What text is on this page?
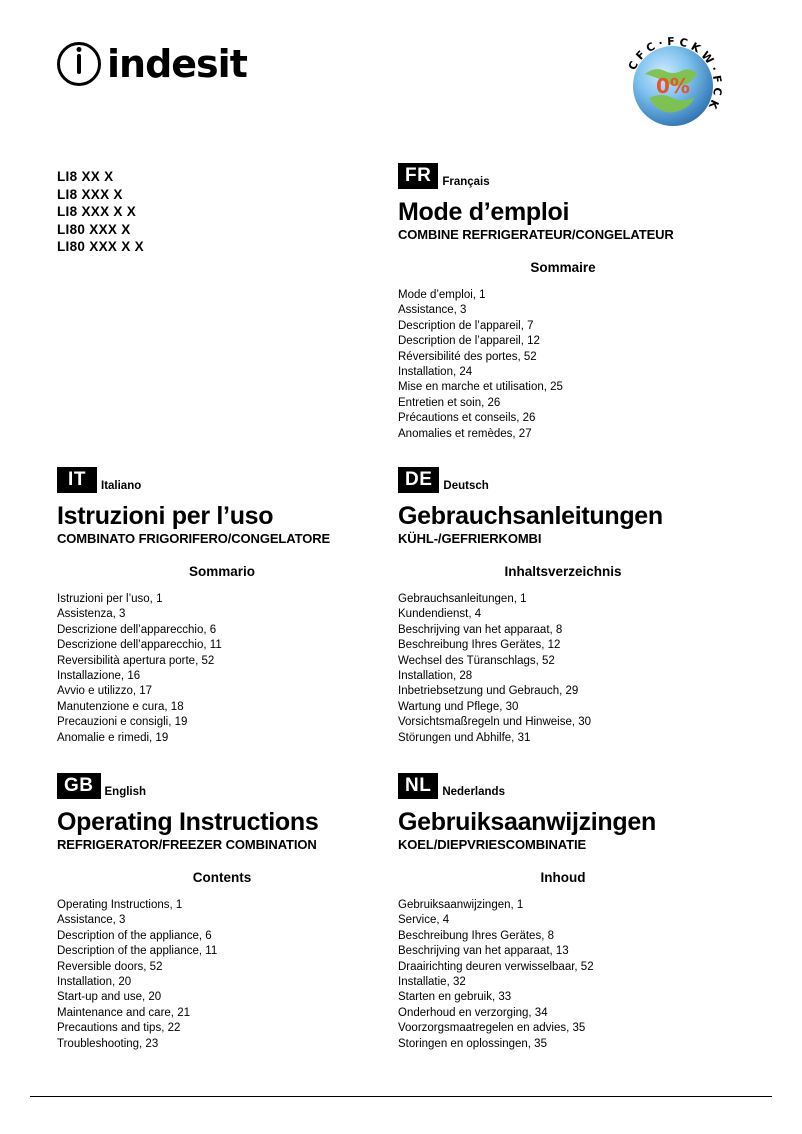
indesit	C F C · F C K W · F C K
0%
LI8 XX X
LI8 XXX X
LI8 XXX X X
LI80 XXX X
LI80 XXX X X
FR Français
Mode d’emploi
COMBINE REFRIGERATEUR/CONGELATEUR
Sommaire
Mode d’emploi, 1
Assistance, 3
Description de l’appareil, 7
Description de l’appareil, 12
Réversibilité des portes, 52
Installation, 24
Mise en marche et utilisation, 25
Entretien et soin, 26
Précautions et conseils, 26
Anomalies et remèdes, 27
IT	Italiano
Istruzioni per l’uso
COMBINATO FRIGORIFERO/CONGELATORE
Sommario
Istruzioni per l’uso, 1
Assistenza, 3
Descrizione dell’apparecchio, 6
Descrizione dell’apparecchio, 11
Reversibilità apertura porte, 52
Installazione, 16
Avvio e utilizzo, 17
Manutenzione e cura, 18
Precauzioni e consigli, 19
Anomalie e rimedi, 19
DE Deutsch
Gebrauchsanleitungen
KÜHL-/GEFRIERKOMBI
Inhaltsverzeichnis
Gebrauchsanleitungen, 1
Kundendienst, 4
Beschrijving van het apparaat, 8
Beschreibung Ihres Gerätes, 12
Wechsel des Türanschlags, 52
Installation, 28
Inbetriebsetzung und Gebrauch, 29
Wartung und Pflege, 30
Vorsichtsmaßregeln und Hinweise, 30
Störungen und Abhilfe, 31
GB English
Operating Instructions
REFRIGERATOR/FREEZER COMBINATION
Contents
Operating Instructions, 1
Assistance, 3
Description of the appliance, 6
Description of the appliance, 11
Reversible doors, 52
Installation, 20
Start-up and use, 20
Maintenance and care, 21
Precautions and tips, 22
Troubleshooting, 23
NL Nederlands
Gebruiksaanwijzingen
KOEL/DIEPVRIESCOMBINATIE
Inhoud
Gebruiksaanwijzingen, 1
Service, 4
Beschreibung Ihres Gerätes, 8
Beschrijving van het apparaat, 13
Draairichting deuren verwisselbaar, 52
Installatie, 32
Starten en gebruik, 33
Onderhoud en verzorging, 34
Voorzorgsmaatregelen en advies, 35
Storingen en oplossingen, 35
